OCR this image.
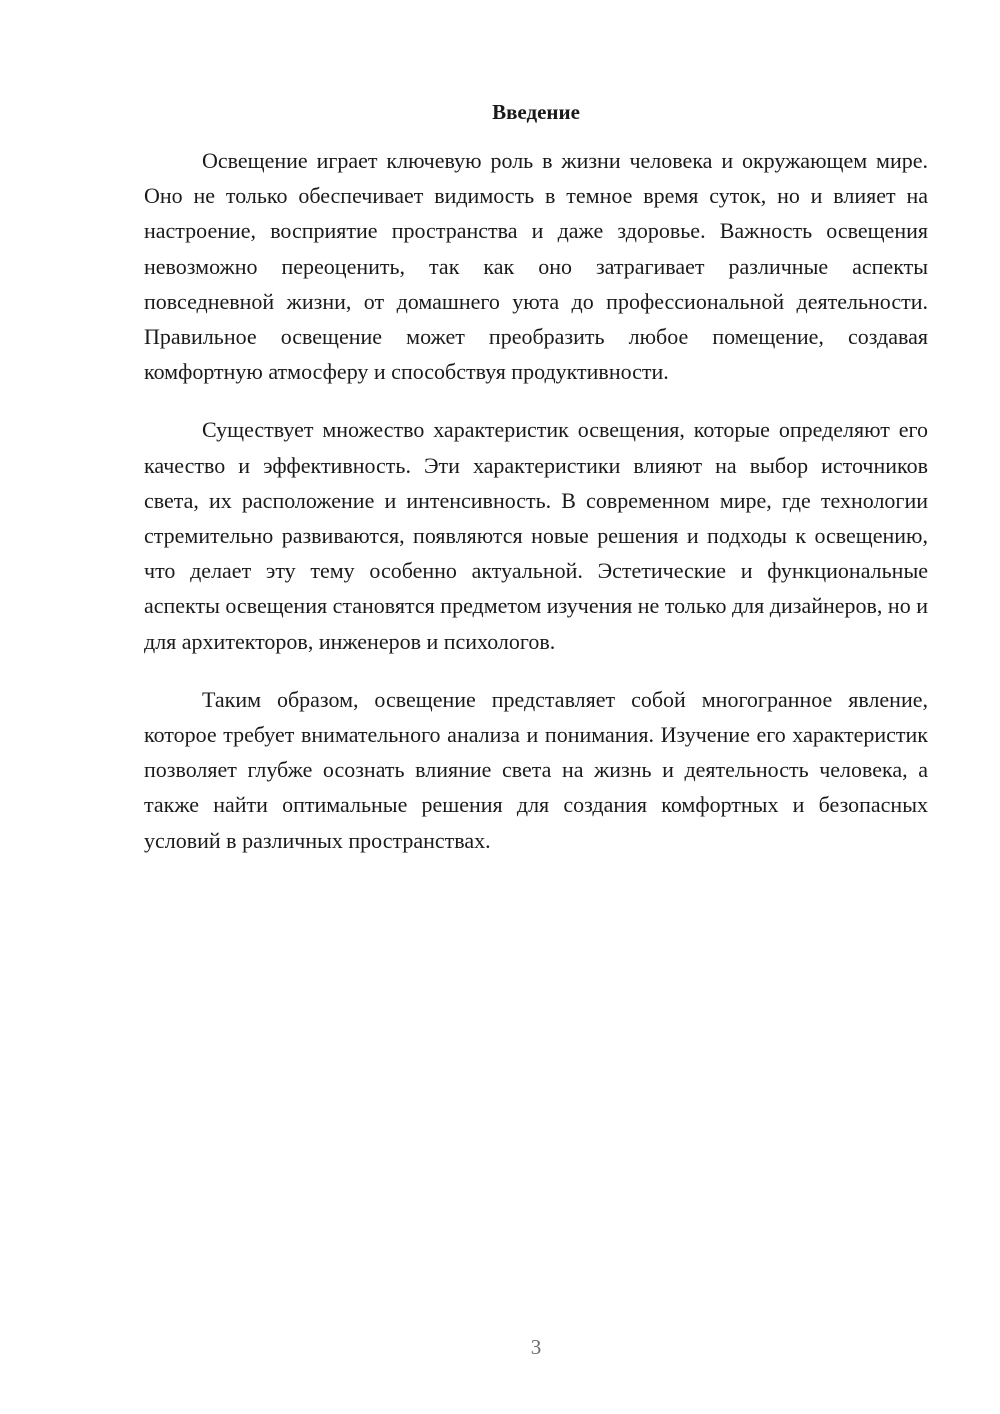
Введение

Освещение играет ключевую роль в жизни человека и окружающем мире. Оно не только обеспечивает видимость в темное время суток, но и влияет на настроение, восприятие пространства и даже здоровье. Важность освещения невозможно переоценить, так как оно затрагивает различные аспекты повседневной жизни, от домашнего уюта до профессиональной деятельности. Правильное освещение может преобразить любое помещение, создавая комфортную атмосферу и способствуя продуктивности.

Существует множество характеристик освещения, которые определяют его качество и эффективность. Эти характеристики влияют на выбор источников света, их расположение и интенсивность. В современном мире, где технологии стремительно развиваются, появляются новые решения и подходы к освещению, что делает эту тему особенно актуальной. Эстетические и функциональные аспекты освещения становятся предметом изучения не только для дизайнеров, но и для архитекторов, инженеров и психологов.

Таким образом, освещение представляет собой многогранное явление, которое требует внимательного анализа и понимания. Изучение его характеристик позволяет глубже осознать влияние света на жизнь и деятельность человека, а также найти оптимальные решения для создания комфортных и безопасных условий в различных пространствах.

3
